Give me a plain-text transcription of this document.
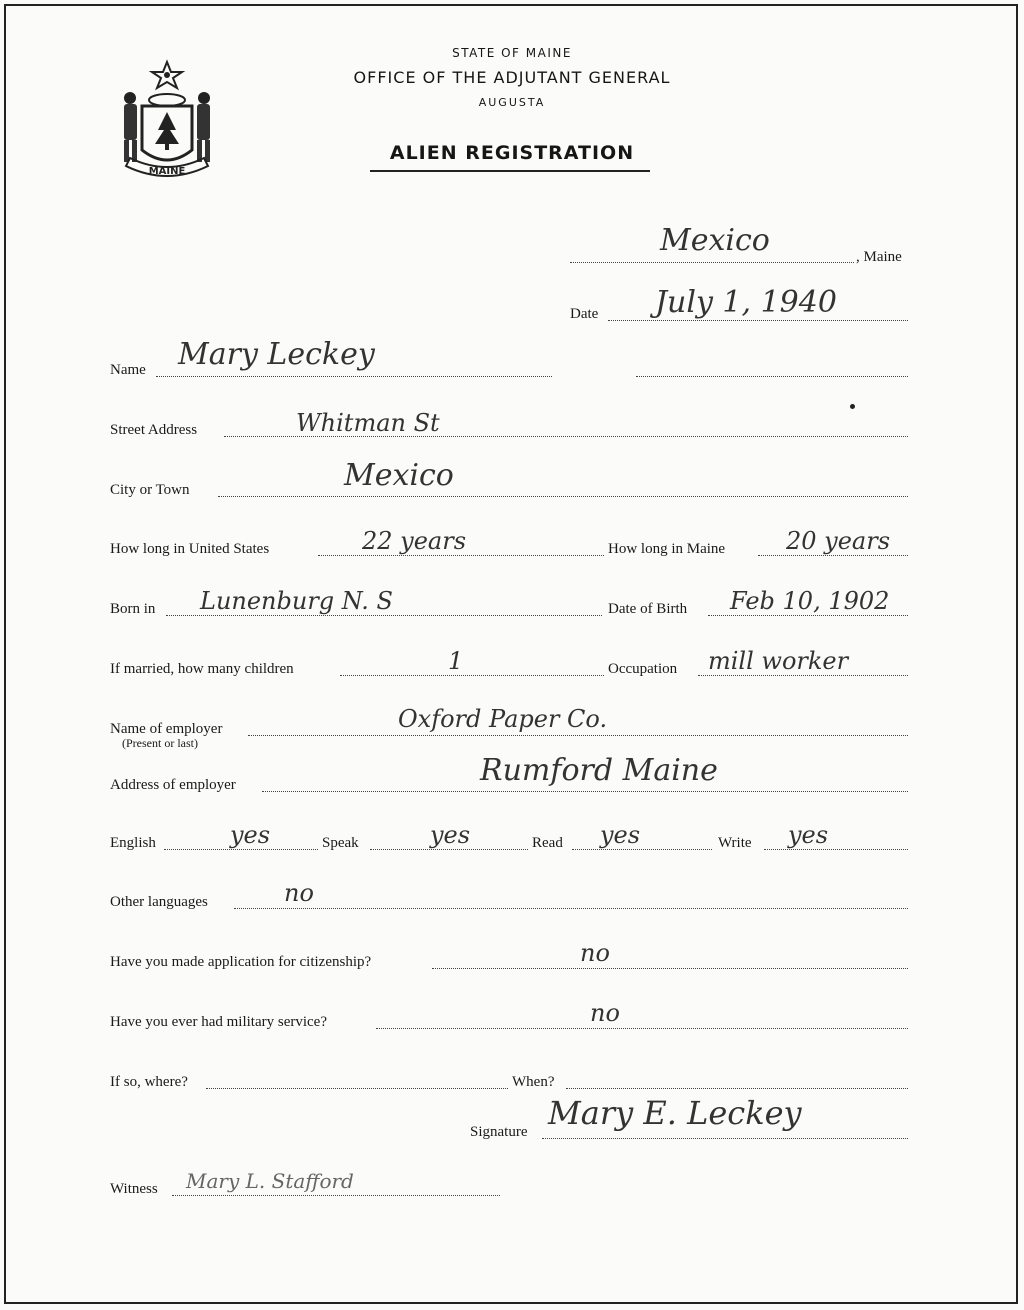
MAINE
STATE OF MAINE
OFFICE OF THE ADJUTANT GENERAL
AUGUSTA
ALIEN REGISTRATION
Mexico	, Maine
Date July 1, 1940
Name Mary Leckey
Street Address	Whitman St
City or Town	Mexico
How long in United States	22 years	How long in Maine	20 years
Born in Lunenburg N. S	Date of Birth Feb 10, 1902
If married, how many children	1	Occupation mill worker
Name of employer
(Present or last)
Oxford Paper Co.
Address of employer	Rumford Maine
English	yes	Speak	yes	Read yes	Write yes
Other languages	no
Have you made application for citizenship?	no
Have you ever had military service?	no
If so, where?	When?
Signature Mary E. Leckey
Witness Mary L. Stafford
